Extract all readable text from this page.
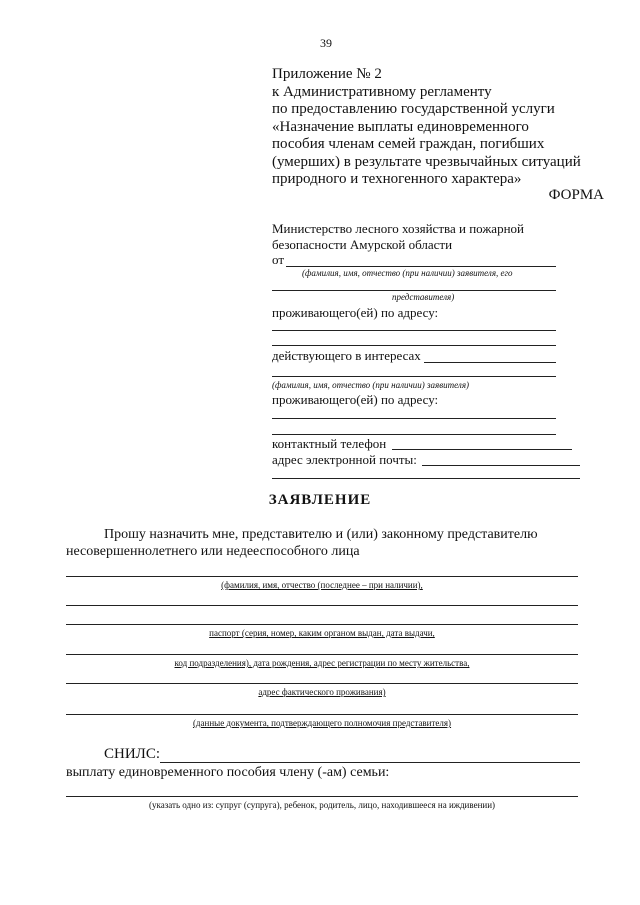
39
Приложение № 2
к Административному регламенту
по предоставлению государственной услуги
«Назначение выплаты единовременного
пособия членам семей граждан, погибших
(умерших) в результате чрезвычайных ситуаций
природного и техногенного характера»
ФОРМА
Министерство лесного хозяйства и пожарной
безопасности Амурской области
от
(фамилия, имя, отчество (при наличии) заявителя, его
представителя)
проживающего(ей) по адресу:
действующего в интересах
(фамилия, имя, отчество (при наличии) заявителя)
проживающего(ей) по адресу:
контактный телефон
адрес электронной почты:
ЗАЯВЛЕНИЕ
Прошу назначить мне, представителю и (или) законному представителю
несовершеннолетнего или недееспособного лица
(фамилия, имя, отчество (последнее – при наличии),
паспорт (серия, номер, каким органом выдан, дата выдачи,
код подразделения), дата рождения, адрес регистрации по месту жительства,
адрес фактического проживания)
(данные документа, подтверждающего полномочия представителя)
СНИЛС:
выплату единовременного пособия члену (-ам) семьи:
(указать одно из: супруг (супруга), ребенок, родитель, лицо, находившееся на иждивении)
